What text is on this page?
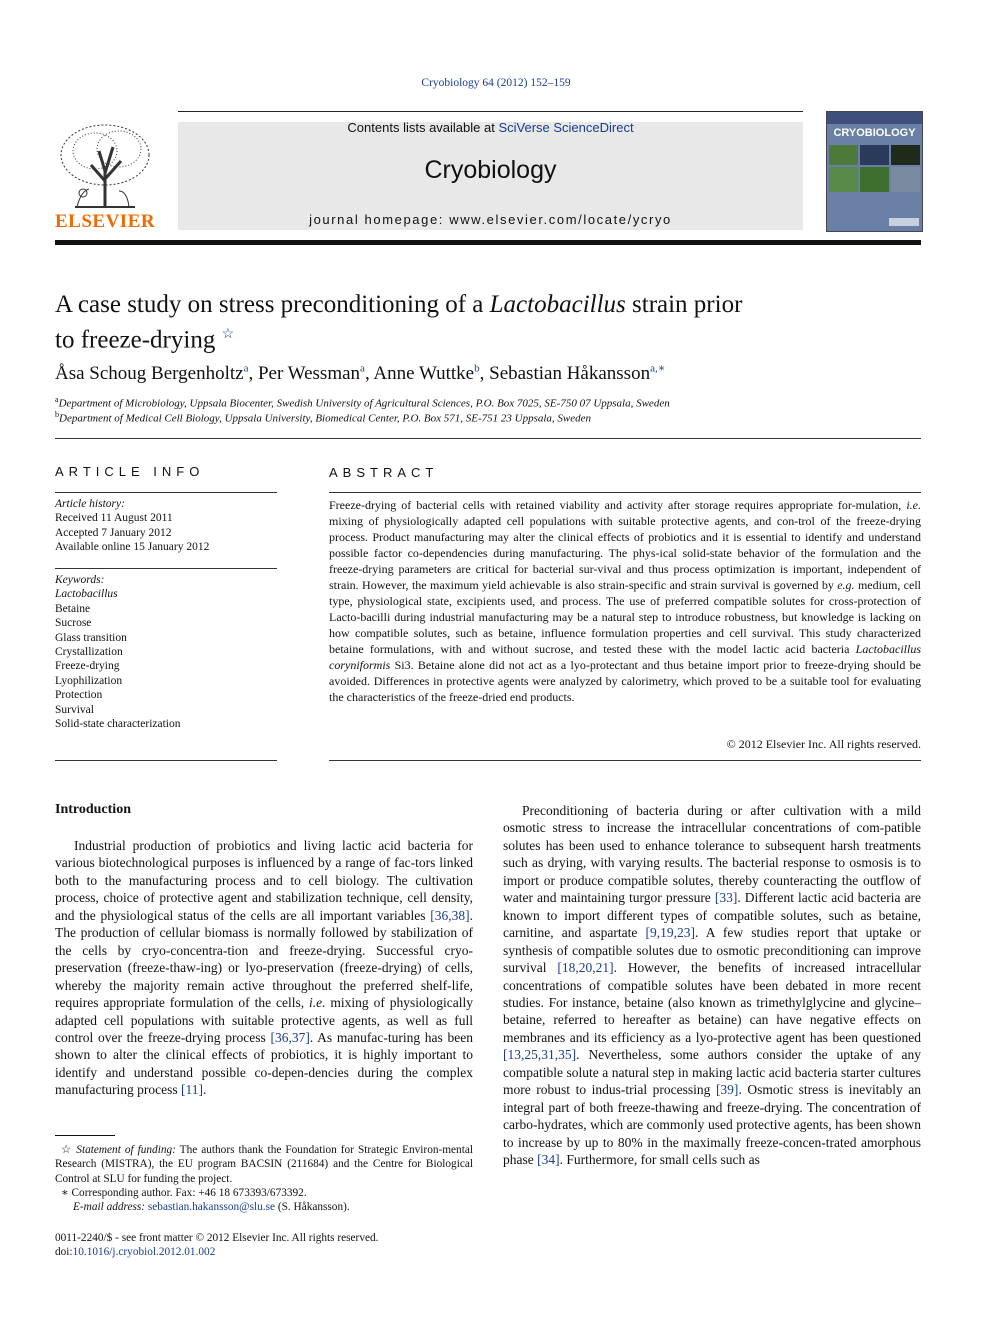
Cryobiology 64 (2012) 152–159
ELSEVIER
Contents lists available at SciVerse ScienceDirect
Cryobiology
journal homepage: www.elsevier.com/locate/ycryo
CRYOBIOLOGY
A case study on stress preconditioning of a Lactobacillus strain prior
to freeze-drying ☆
Åsa Schoug Bergenholtz$^a$, Per Wessman$^a$, Anne Wuttke$^b$, Sebastian Håkansson$^{a,∗}$
$^a$Department of Microbiology, Uppsala Biocenter, Swedish University of Agricultural Sciences, P.O. Box 7025, SE-750 07 Uppsala, Sweden
$^b$Department of Medical Cell Biology, Uppsala University, Biomedical Center, P.O. Box 571, SE-751 23 Uppsala, Sweden
ARTICLE INFO
Article history:
Received 11 August 2011
Accepted 7 January 2012
Available online 15 January 2012
Keywords:
Lactobacillus
Betaine
Sucrose
Glass transition
Crystallization
Freeze-drying
Lyophilization
Protection
Survival
Solid-state characterization
ABSTRACT
Freeze-drying of bacterial cells with retained viability and activity after storage requires appropriate for-mulation, i.e. mixing of physiologically adapted cell populations with suitable protective agents, and con-trol of the freeze-drying process. Product manufacturing may alter the clinical effects of probiotics and it is essential to identify and understand possible factor co-dependencies during manufacturing. The phys-ical solid-state behavior of the formulation and the freeze-drying parameters are critical for bacterial sur-vival and thus process optimization is important, independent of strain. However, the maximum yield achievable is also strain-specific and strain survival is governed by e.g. medium, cell type, physiological state, excipients used, and process. The use of preferred compatible solutes for cross-protection of Lacto-bacilli during industrial manufacturing may be a natural step to introduce robustness, but knowledge is lacking on how compatible solutes, such as betaine, influence formulation properties and cell survival. This study characterized betaine formulations, with and without sucrose, and tested these with the model lactic acid bacteria Lactobacillus coryniformis Si3. Betaine alone did not act as a lyo-protectant and thus betaine import prior to freeze-drying should be avoided. Differences in protective agents were analyzed by calorimetry, which proved to be a suitable tool for evaluating the characteristics of the freeze-dried end products.
© 2012 Elsevier Inc. All rights reserved.
Introduction

Industrial production of probiotics and living lactic acid bacteria for various biotechnological purposes is influenced by a range of fac-tors linked both to the manufacturing process and to cell biology. The cultivation process, choice of protective agent and stabilization technique, cell density, and the physiological status of the cells are all important variables [36,38]. The production of cellular biomass is normally followed by stabilization of the cells by cryo-concentra-tion and freeze-drying. Successful cryo-preservation (freeze-thaw-ing) or lyo-preservation (freeze-drying) of cells, whereby the majority remain active throughout the preferred shelf-life, requires appropriate formulation of the cells, i.e. mixing of physiologically adapted cell populations with suitable protective agents, as well as full control over the freeze-drying process [36,37]. As manufac-turing has been shown to alter the clinical effects of probiotics, it is highly important to identify and understand possible co-depen-dencies during the complex manufacturing process [11].

Preconditioning of bacteria during or after cultivation with a mild osmotic stress to increase the intracellular concentrations of com-patible solutes has been used to enhance tolerance to subsequent harsh treatments such as drying, with varying results. The bacterial response to osmosis is to import or produce compatible solutes, thereby counteracting the outflow of water and maintaining turgor pressure [33]. Different lactic acid bacteria are known to import different types of compatible solutes, such as betaine, carnitine, and aspartate [9,19,23]. A few studies report that uptake or synthesis of compatible solutes due to osmotic preconditioning can improve survival [18,20,21]. However, the benefits of increased intracellular concentrations of compatible solutes have been debated in more recent studies. For instance, betaine (also known as trimethylglycine and glycine–betaine, referred to hereafter as betaine) can have negative effects on membranes and its efficiency as a lyo-protective agent has been questioned [13,25,31,35]. Nevertheless, some authors consider the uptake of any compatible solute a natural step in making lactic acid bacteria starter cultures more robust to indus-trial processing [39]. Osmotic stress is inevitably an integral part of both freeze-thawing and freeze-drying. The concentration of carbo-hydrates, which are commonly used protective agents, has been shown to increase by up to 80% in the maximally freeze-concen-trated amorphous phase [34]. Furthermore, for small cells such as

☆ Statement of funding: The authors thank the Foundation for Strategic Environ-mental Research (MISTRA), the EU program BACSIN (211684) and the Centre for Biological Control at SLU for funding the project.
∗ Corresponding author. Fax: +46 18 673393/673392.
E-mail address: sebastian.hakansson@slu.se (S. Håkansson).
0011-2240/$ - see front matter © 2012 Elsevier Inc. All rights reserved.
doi:10.1016/j.cryobiol.2012.01.002
